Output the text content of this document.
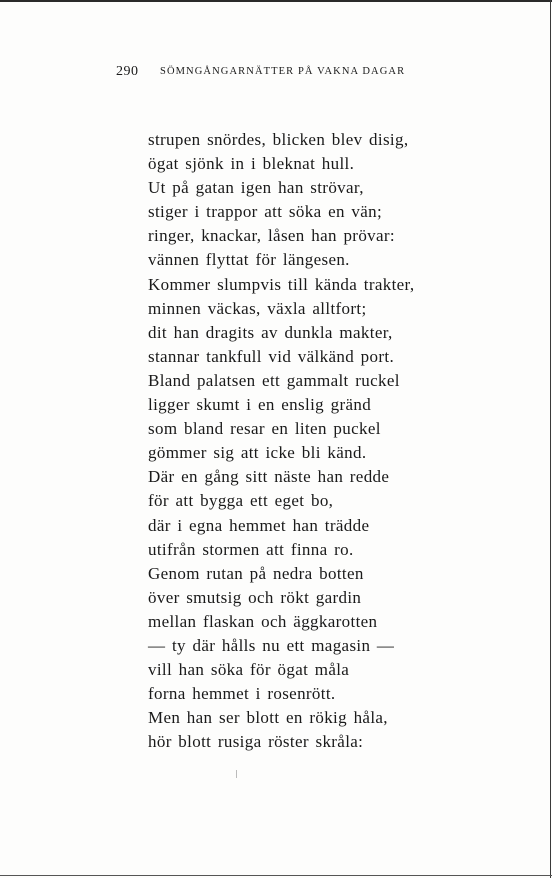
290 SÖMNGÅNGARNÄTTER PÅ VAKNA DAGAR
strupen snördes, blicken blev disig,
ögat sjönk in i bleknat hull.
Ut på gatan igen han strövar,
stiger i trappor att söka en vän;
ringer, knackar, låsen han prövar:
vännen flyttat för längesen.
Kommer slumpvis till kända trakter,
minnen väckas, växla alltfort;
dit han dragits av dunkla makter,
stannar tankfull vid välkänd port.
Bland palatsen ett gammalt ruckel
ligger skumt i en enslig gränd
som bland resar en liten puckel
gömmer sig att icke bli känd.
Där en gång sitt näste han redde
för att bygga ett eget bo,
där i egna hemmet han trädde
utifrån stormen att finna ro.
Genom rutan på nedra botten
över smutsig och rökt gardin
mellan flaskan och äggkarotten
— ty där hålls nu ett magasin —
vill han söka för ögat måla
forna hemmet i rosenrött.
Men han ser blott en rökig håla,
hör blott rusiga röster skråla:
